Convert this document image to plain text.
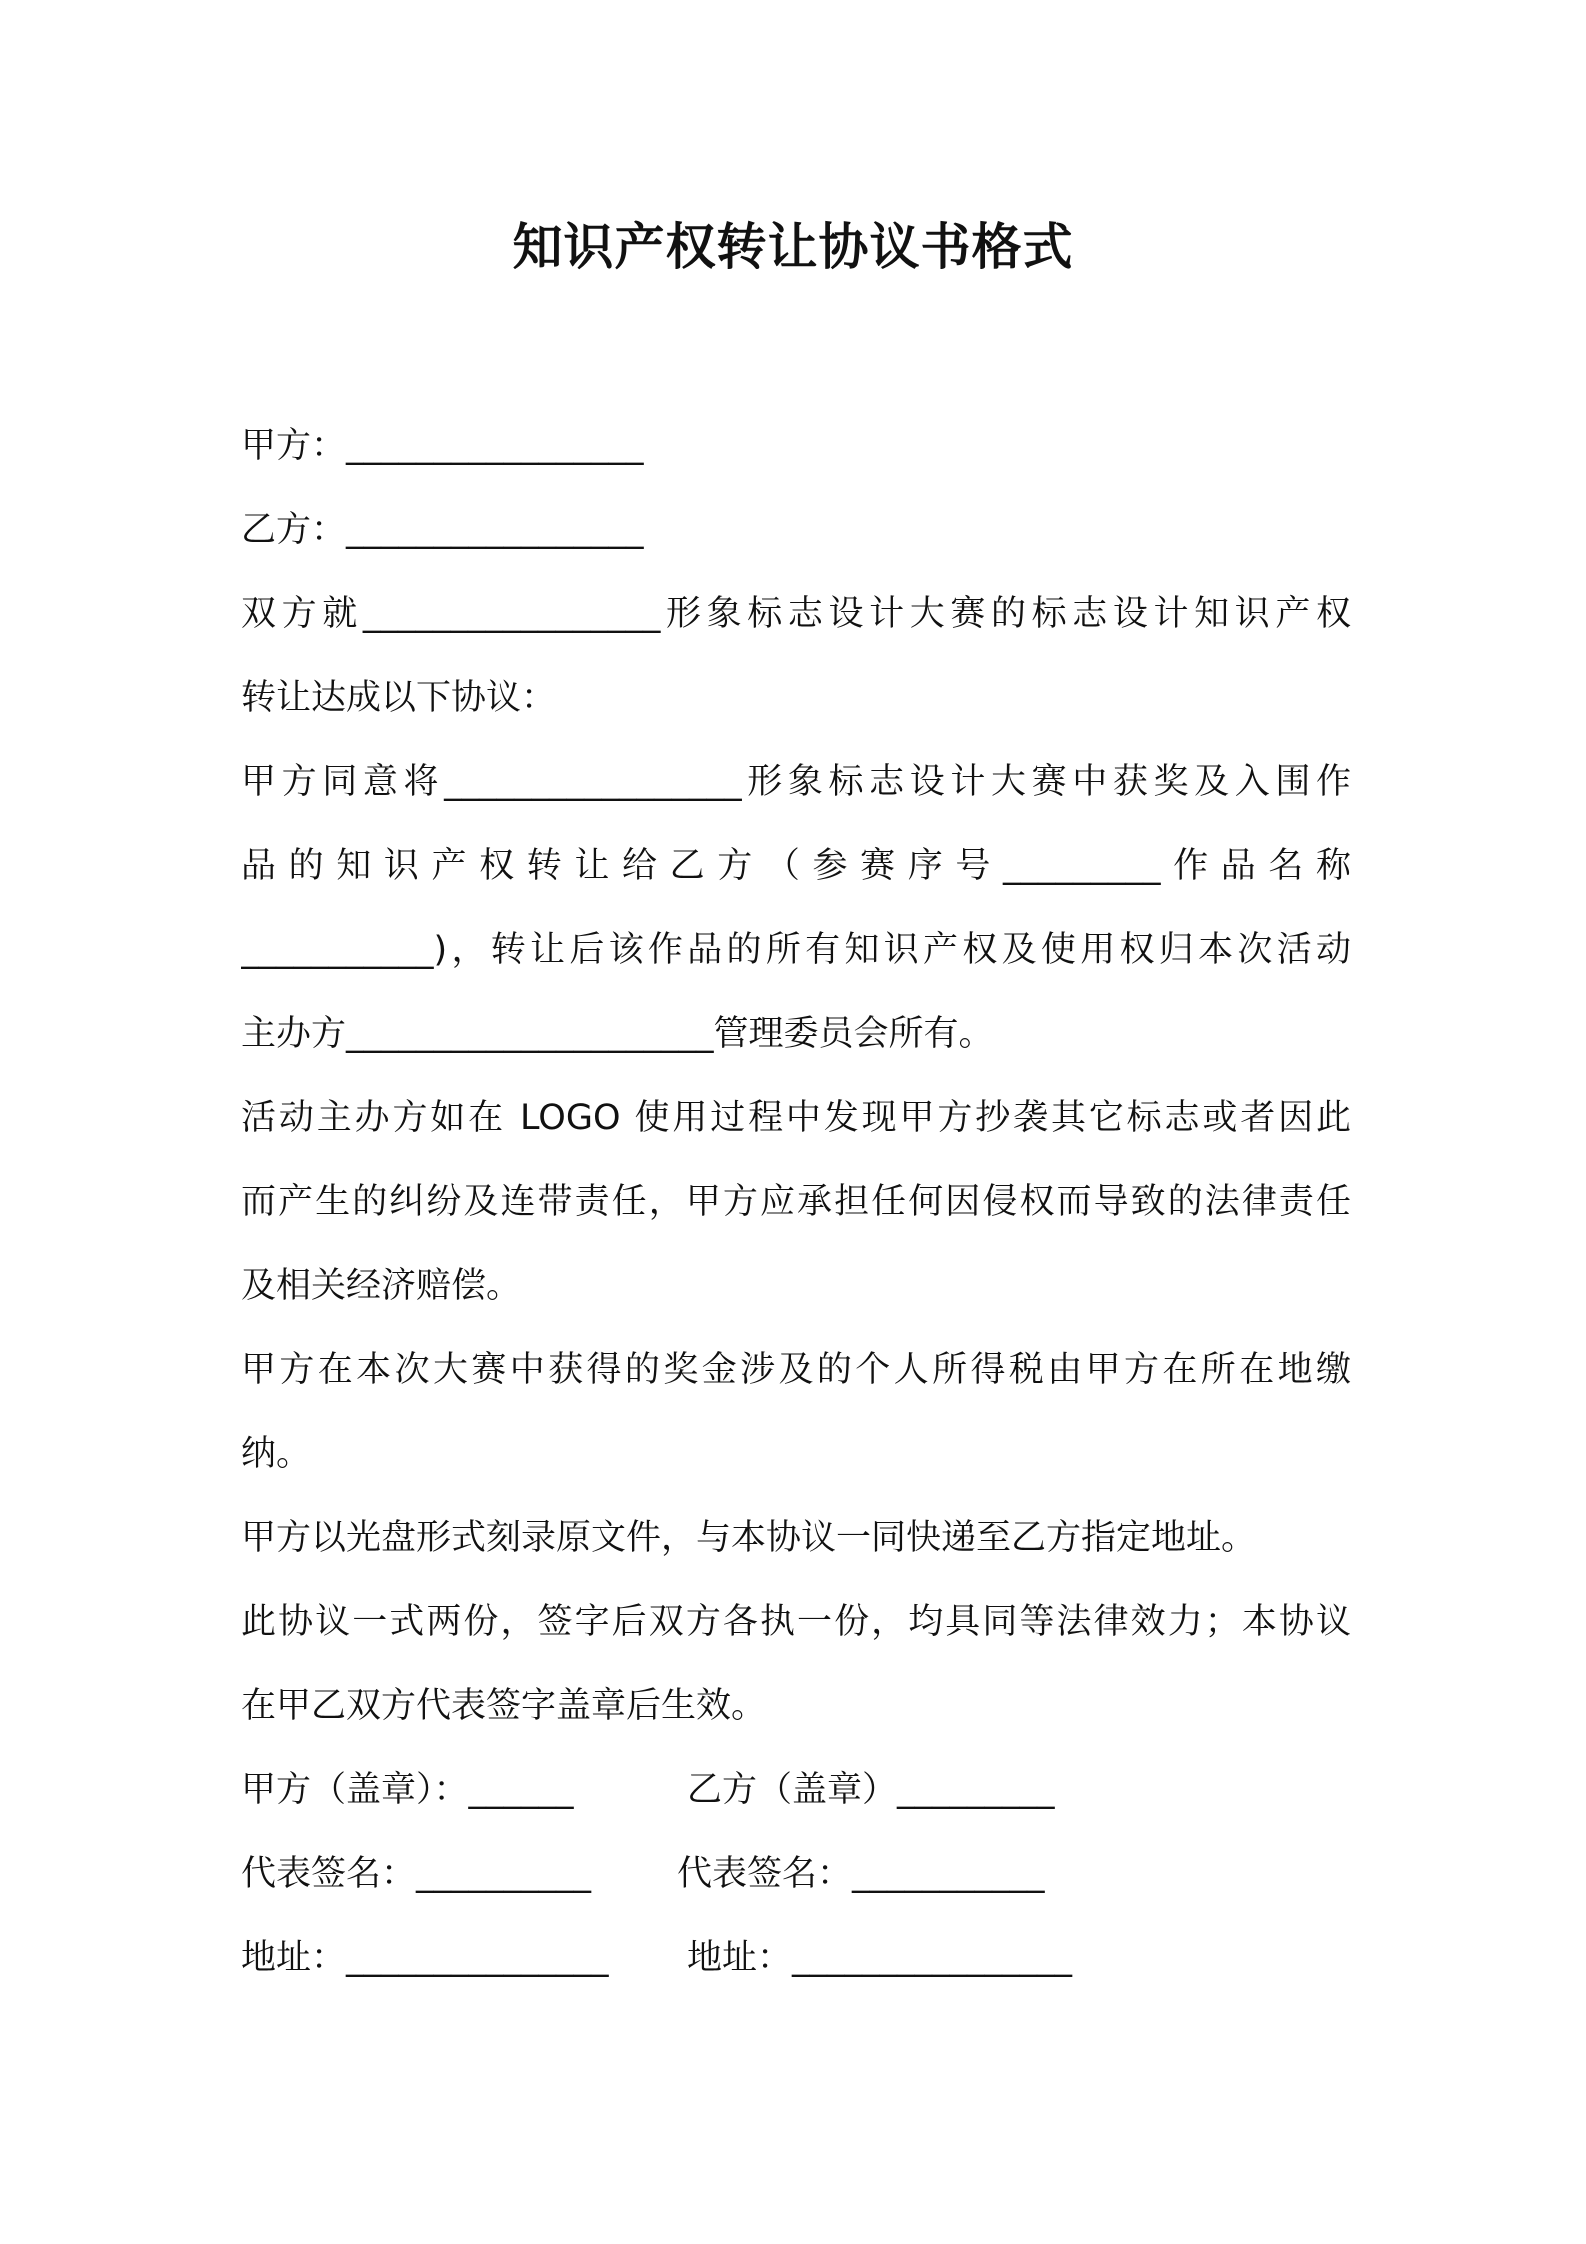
知识产权转让协议书格式
甲方：_________________
乙方：_________________
双方就_________________形象标志设计大赛的标志设计知识产权
转让达成以下协议：
甲方同意将_________________形象标志设计大赛中获奖及入围作
品的知识产权转让给乙方（参赛序号_________作品名称
___________)，转让后该作品的所有知识产权及使用权归本次活动
主办方_____________________管理委员会所有。
活动主办方如在 LOGO 使用过程中发现甲方抄袭其它标志或者因此
而产生的纠纷及连带责任，甲方应承担任何因侵权而导致的法律责任
及相关经济赔偿。
甲方在本次大赛中获得的奖金涉及的个人所得税由甲方在所在地缴
纳。
甲方以光盘形式刻录原文件，与本协议一同快递至乙方指定地址。
此协议一式两份，签字后双方各执一份，均具同等法律效力；本协议
在甲乙双方代表签字盖章后生效。
甲方（盖章）：______	乙方（盖章）_________
代表签名：__________ 代表签名：___________
地址：_______________ 地址：________________
